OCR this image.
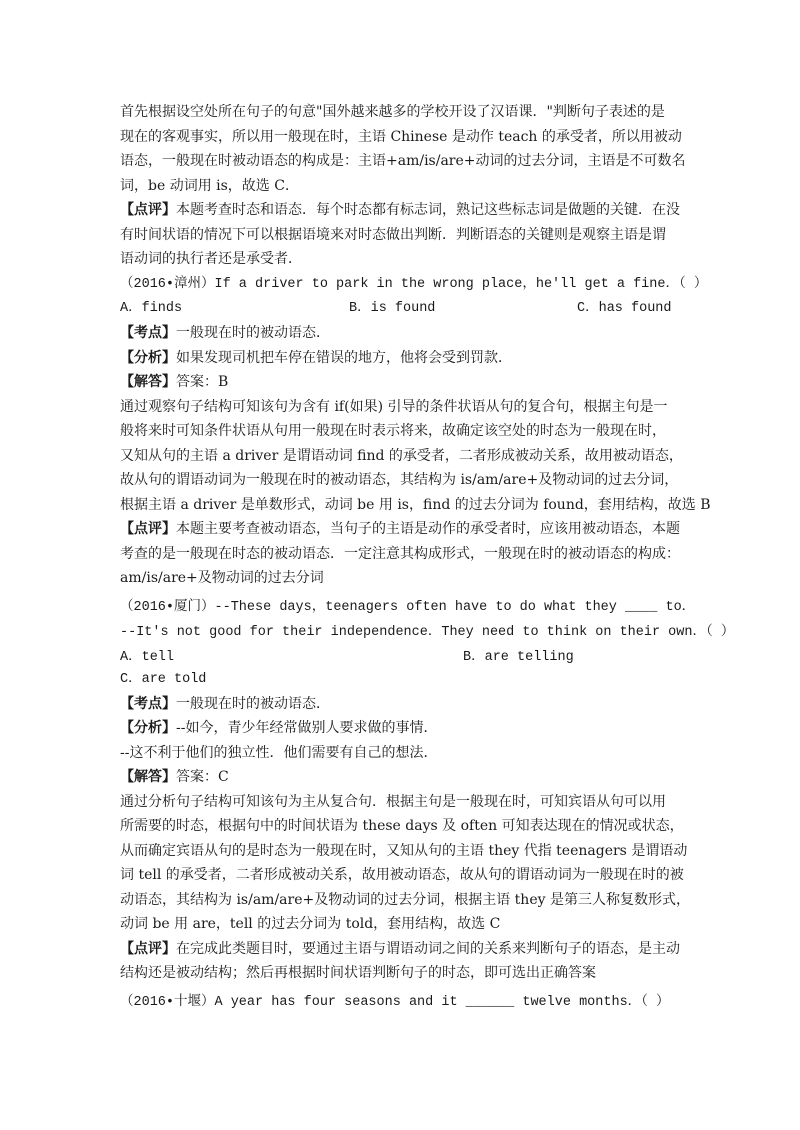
首先根据设空处所在句子的句意"国外越来越多的学校开设了汉语课．"判断句子表述的是
现在的客观事实，所以用一般现在时，主语 Chinese 是动作 teach 的承受者，所以用被动
语态，一般现在时被动语态的构成是：主语+am/is/are+动词的过去分词，主语是不可数名
词，be 动词用 is，故选 C．
【点评】本题考查时态和语态．每个时态都有标志词，熟记这些标志词是做题的关键．在没
有时间状语的情况下可以根据语境来对时态做出判断．判断语态的关键则是观察主语是谓
语动词的执行者还是承受者．
（2016•漳州）If a driver to park in the wrong place，he'll get a fine．（ ）
A．finds	B．is found	C．has found
【考点】一般现在时的被动语态．
【分析】如果发现司机把车停在错误的地方，他将会受到罚款．
【解答】答案：B
通过观察句子结构可知该句为含有 if(如果) 引导的条件状语从句的复合句，根据主句是一
般将来时可知条件状语从句用一般现在时表示将来，故确定该空处的时态为一般现在时，
又知从句的主语 a driver 是谓语动词 find 的承受者，二者形成被动关系，故用被动语态，
故从句的谓语动词为一般现在时的被动语态，其结构为 is/am/are+及物动词的过去分词，
根据主语 a driver 是单数形式，动词 be 用 is，find 的过去分词为 found，套用结构，故选 B
【点评】本题主要考查被动语态，当句子的主语是动作的承受者时，应该用被动语态，本题
考查的是一般现在时态的被动语态．一定注意其构成形式，一般现在时的被动语态的构成：
am/is/are+及物动词的过去分词
（2016•厦门）--These days，teenagers often have to do what they ____ to．
--It's not good for their independence．They need to think on their own．（ ）
A．tell	B．are telling
C．are told
【考点】一般现在时的被动语态．
【分析】--如今，青少年经常做别人要求做的事情．
--这不利于他们的独立性．他们需要有自己的想法．
【解答】答案：C
通过分析句子结构可知该句为主从复合句．根据主句是一般现在时，可知宾语从句可以用
所需要的时态，根据句中的时间状语为 these days 及 often 可知表达现在的情况或状态，
从而确定宾语从句的是时态为一般现在时，又知从句的主语 they 代指 teenagers 是谓语动
词 tell 的承受者，二者形成被动关系，故用被动语态，故从句的谓语动词为一般现在时的被
动语态，其结构为 is/am/are+及物动词的过去分词，根据主语 they 是第三人称复数形式，
动词 be 用 are，tell 的过去分词为 told，套用结构，故选 C
【点评】在完成此类题目时，要通过主语与谓语动词之间的关系来判断句子的语态，是主动
结构还是被动结构；然后再根据时间状语判断句子的时态，即可选出正确答案
（2016•十堰）A year has four seasons and it ______ twelve months．（ ）
